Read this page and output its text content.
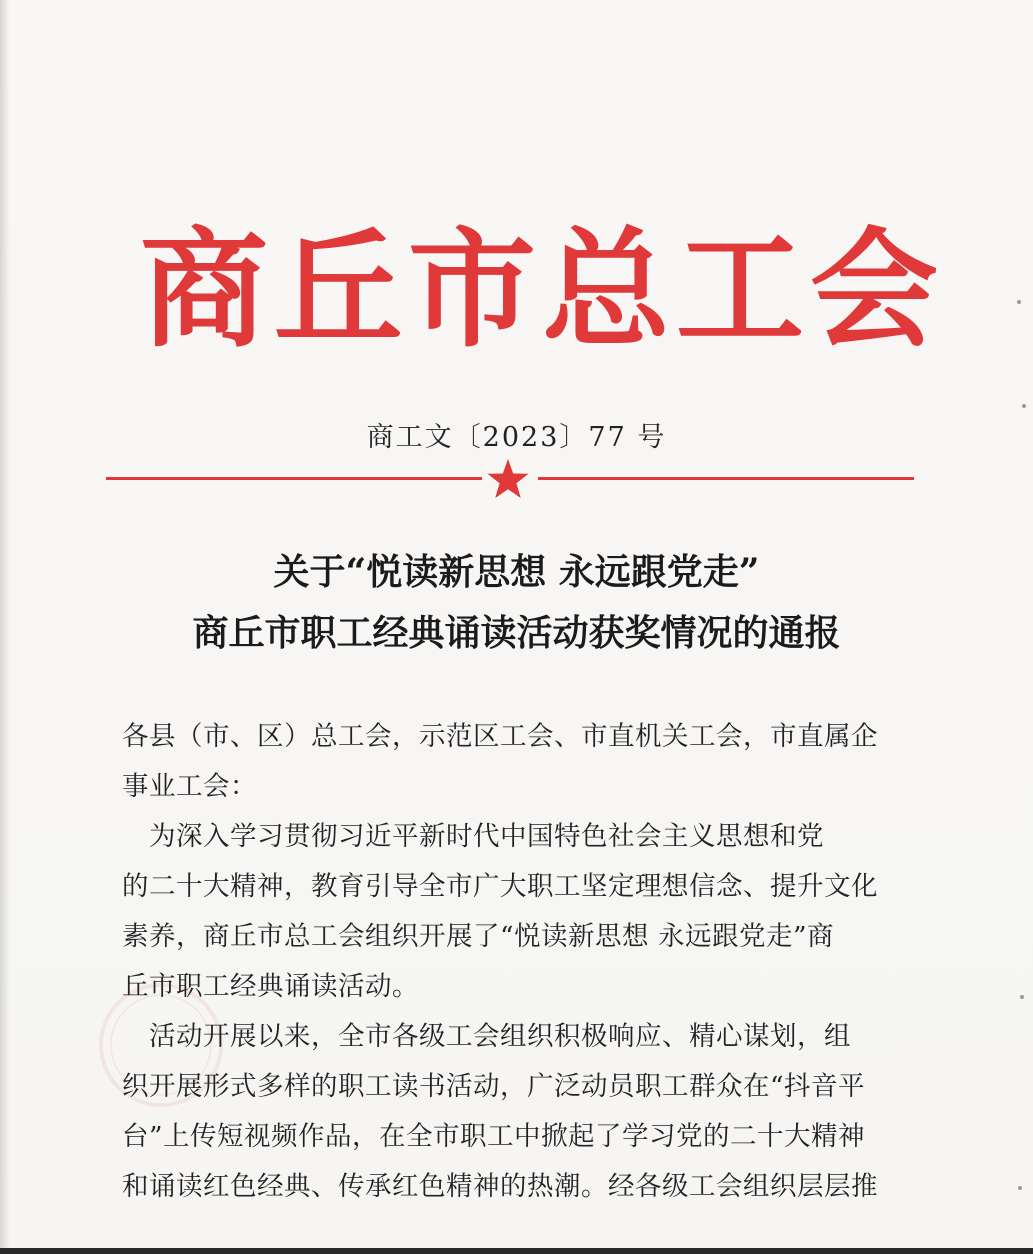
商丘市总工会
商工文〔2023〕77 号
关于“悦读新思想 永远跟党走”
商丘市职工经典诵读活动获奖情况的通报
各县（市、区）总工会，示范区工会、市直机关工会，市直属企
事业工会：
　为深入学习贯彻习近平新时代中国特色社会主义思想和党
的二十大精神，教育引导全市广大职工坚定理想信念、提升文化
素养，商丘市总工会组织开展了“悦读新思想 永远跟党走”商
丘市职工经典诵读活动。
　活动开展以来，全市各级工会组织积极响应、精心谋划，组
织开展形式多样的职工读书活动，广泛动员职工群众在“抖音平
台”上传短视频作品，在全市职工中掀起了学习党的二十大精神
和诵读红色经典、传承红色精神的热潮。经各级工会组织层层推
